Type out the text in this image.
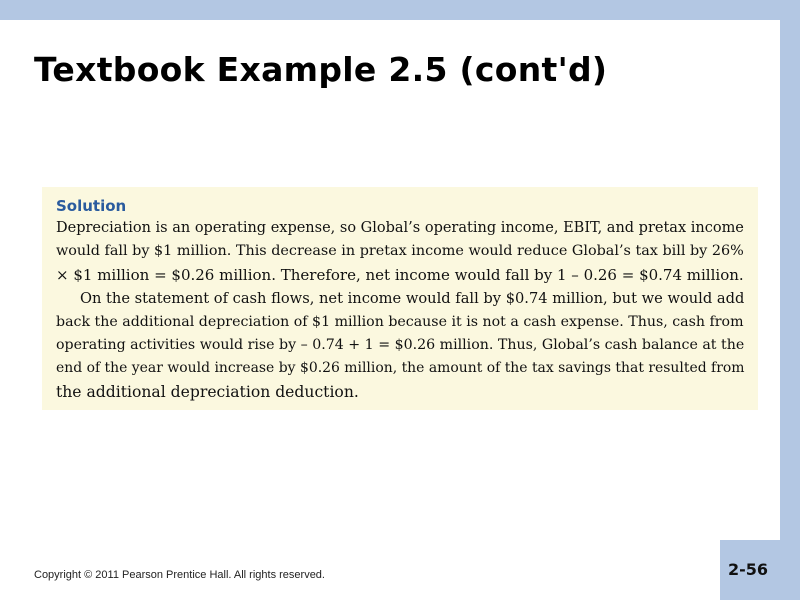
Textbook Example 2.5 (cont'd)
Solution

Depreciation is an operating expense, so Global’s operating income, EBIT, and pretax income
would fall by $1 million. This decrease in pretax income would reduce Global’s tax bill by 26%
× $1 million = $0.26 million. Therefore, net income would fall by 1 – 0.26 = $0.74 million.

On the statement of cash flows, net income would fall by $0.74 million, but we would add
back the additional depreciation of $1 million because it is not a cash expense. Thus, cash from
operating activities would rise by – 0.74 + 1 = $0.26 million. Thus, Global’s cash balance at the
end of the year would increase by $0.26 million, the amount of the tax savings that resulted from
the additional depreciation deduction.

Copyright © 2011 Pearson Prentice Hall. All rights reserved.	2-56
